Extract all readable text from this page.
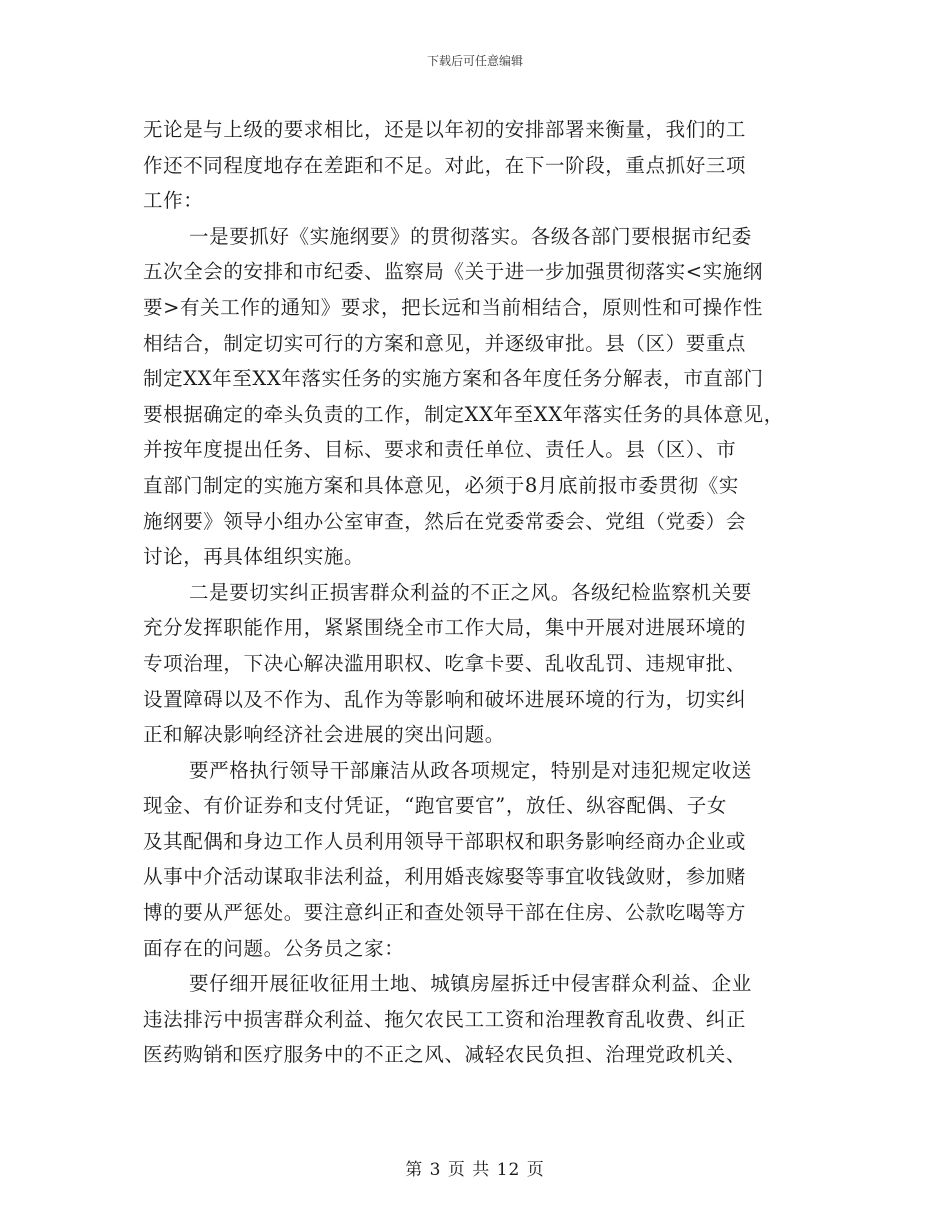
下载后可任意编辑
无论是与上级的要求相比，还是以年初的安排部署来衡量，我们的工
作还不同程度地存在差距和不足。对此，在下一阶段，重点抓好三项
工作：
一是要抓好《实施纲要》的贯彻落实。各级各部门要根据市纪委
五次全会的安排和市纪委、监察局《关于进一步加强贯彻落实<实施纲
要>有关工作的通知》要求，把长远和当前相结合，原则性和可操作性
相结合，制定切实可行的方案和意见，并逐级审批。县（区）要重点
制定XX年至XX年落实任务的实施方案和各年度任务分解表，市直部门
要根据确定的牵头负责的工作，制定XX年至XX年落实任务的具体意见，
并按年度提出任务、目标、要求和责任单位、责任人。县（区）、市
直部门制定的实施方案和具体意见，必须于8月底前报市委贯彻《实
施纲要》领导小组办公室审查，然后在党委常委会、党组（党委）会
讨论，再具体组织实施。
二是要切实纠正损害群众利益的不正之风。各级纪检监察机关要
充分发挥职能作用，紧紧围绕全市工作大局，集中开展对进展环境的
专项治理，下决心解决滥用职权、吃拿卡要、乱收乱罚、违规审批、
设置障碍以及不作为、乱作为等影响和破坏进展环境的行为，切实纠
正和解决影响经济社会进展的突出问题。
要严格执行领导干部廉洁从政各项规定，特别是对违犯规定收送
现金、有价证券和支付凭证，“跑官要官”，放任、纵容配偶、子女
及其配偶和身边工作人员利用领导干部职权和职务影响经商办企业或
从事中介活动谋取非法利益，利用婚丧嫁娶等事宜收钱敛财，参加赌
博的要从严惩处。要注意纠正和查处领导干部在住房、公款吃喝等方
面存在的问题。公务员之家：
要仔细开展征收征用土地、城镇房屋拆迁中侵害群众利益、企业
违法排污中损害群众利益、拖欠农民工工资和治理教育乱收费、纠正
医药购销和医疗服务中的不正之风、减轻农民负担、治理党政机关、
第 3 页 共 12 页
